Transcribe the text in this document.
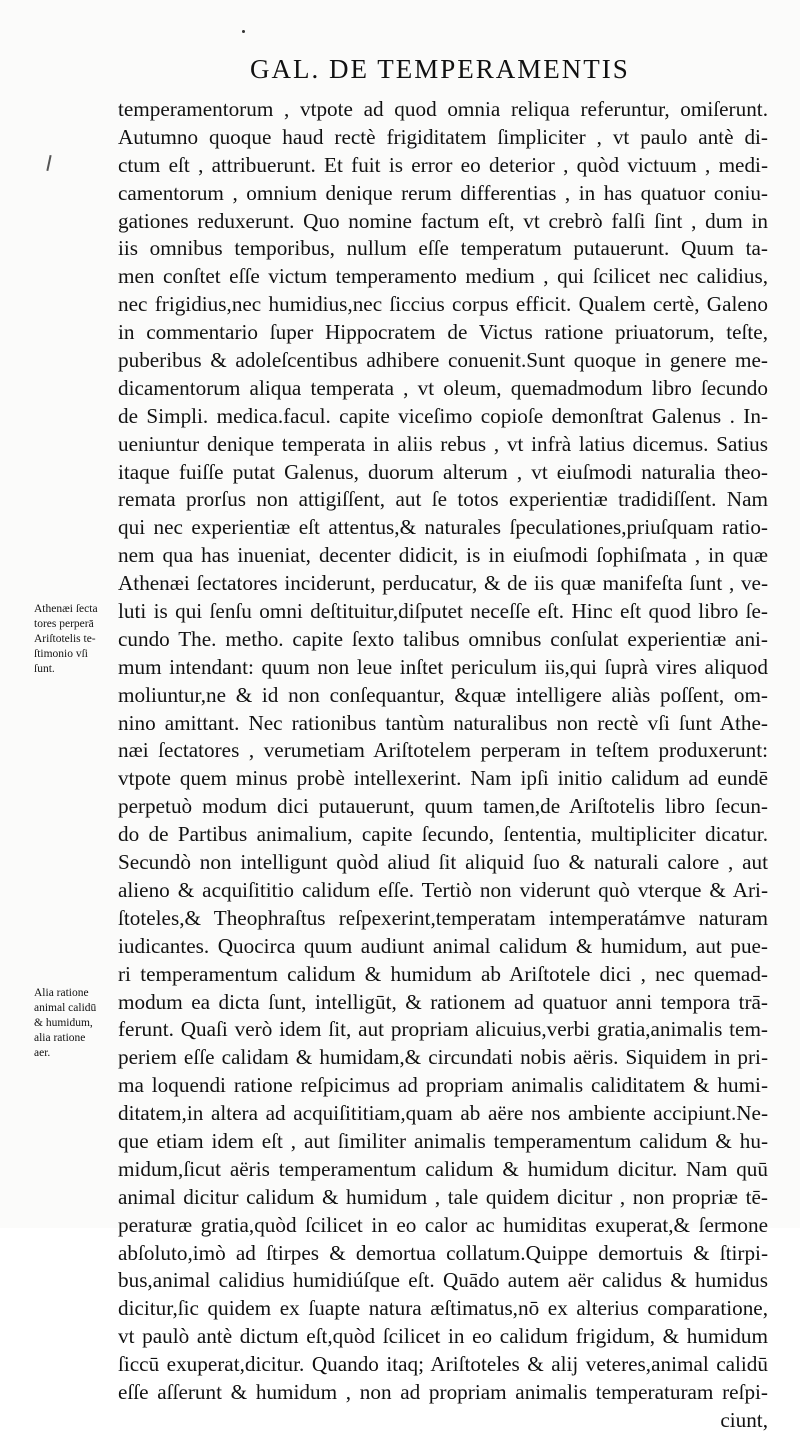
GAL. DE TEMPERAMENTIS
temperamentorum , vtpote ad quod omnia reliqua referuntur, omiſerunt.
Autumno quoque haud rectè frigiditatem ſimpliciter , vt paulo antè di-
ctum eſt , attribuerunt. Et fuit is error eo deterior , quòd victuum , medi-
camentorum , omnium denique rerum differentias , in has quatuor coniu-
gationes reduxerunt. Quo nomine factum eſt, vt crebrò falſi ſint , dum in
iis omnibus temporibus, nullum eſſe temperatum putauerunt. Quum ta-
men conſtet eſſe victum temperamento medium , qui ſcilicet nec calidius,
nec frigidius,nec humidius,nec ſiccius corpus efficit. Qualem certè, Galeno
in commentario ſuper Hippocratem de Victus ratione priuatorum, teſte,
puberibus & adoleſcentibus adhibere conuenit.Sunt quoque in genere me-
dicamentorum aliqua temperata , vt oleum, quemadmodum libro ſecundo
de Simpli. medica.facul. capite viceſimo copioſe demonſtrat Galenus . In-
ueniuntur denique temperata in aliis rebus , vt infrà latius dicemus. Satius
itaque fuiſſe putat Galenus, duorum alterum , vt eiuſmodi naturalia theo-
remata prorſus non attigiſſent, aut ſe totos experientiæ tradidiſſent. Nam
qui nec experientiæ eſt attentus,& naturales ſpeculationes,priuſquam ratio-
nem qua has inueniat, decenter didicit, is in eiuſmodi ſophiſmata , in quæ
Athenæi ſectatores inciderunt, perducatur, & de iis quæ manifeſta ſunt , ve-
luti is qui ſenſu omni deſtituitur,diſputet neceſſe eſt. Hinc eſt quod libro ſe-
cundo The. metho. capite ſexto talibus omnibus conſulat experientiæ ani-
mum intendant: quum non leue inſtet periculum iis,qui ſuprà vires aliquod
moliuntur,ne & id non conſequantur, &quæ intelligere aliàs poſſent, om-
nino amittant. Nec rationibus tantùm naturalibus non rectè vſi ſunt Athe-
næi ſectatores , verumetiam Ariſtotelem perperam in teſtem produxerunt:
vtpote quem minus probè intellexerint. Nam ipſi initio calidum ad eundē
perpetuò modum dici putauerunt, quum tamen,de Ariſtotelis libro ſecun-
do de Partibus animalium, capite ſecundo, ſententia, multipliciter dicatur.
Secundò non intelligunt quòd aliud ſit aliquid ſuo & naturali calore , aut
alieno & acquiſititio calidum eſſe. Tertiò non viderunt quò vterque & Ari-
ſtoteles,& Theophraſtus reſpexerint,temperatam intemperatámve naturam
iudicantes. Quocirca quum audiunt animal calidum & humidum, aut pue-
ri temperamentum calidum & humidum ab Ariſtotele dici , nec quemad-
modum ea dicta ſunt, intelligūt, & rationem ad quatuor anni tempora trā-
ferunt. Quaſi verò idem ſit, aut propriam alicuius,verbi gratia,animalis tem-
periem eſſe calidam & humidam,& circundati nobis aëris. Siquidem in pri-
ma loquendi ratione reſpicimus ad propriam animalis caliditatem & humi-
ditatem,in altera ad acquiſititiam,quam ab aëre nos ambiente accipiunt.Ne-
que etiam idem eſt , aut ſimiliter animalis temperamentum calidum & hu-
midum,ſicut aëris temperamentum calidum & humidum dicitur. Nam quū
animal dicitur calidum & humidum , tale quidem dicitur , non propriæ tē-
peraturæ gratia,quòd ſcilicet in eo calor ac humiditas exuperat,& ſermone
abſoluto,imò ad ſtirpes & demortua collatum.Quippe demortuis & ſtirpi-
bus,animal calidius humidiúſque eſt. Quādo autem aër calidus & humidus
dicitur,ſic quidem ex ſuapte natura æſtimatus,nō ex alterius comparatione,
vt paulò antè dictum eſt,quòd ſcilicet in eo calidum frigidum, & humidum
ſiccū exuperat,dicitur. Quando itaq; Ariſtoteles & alij veteres,animal calidū
eſſe aſſerunt & humidum , non ad propriam animalis temperaturam reſpi-
ciunt,
Athenæi ſecta
tores perperā
Ariſtotelis te-
ſtimonio vſi
ſunt.
Alia ratione
animal calidū
& humidum,
alia ratione
aer.
